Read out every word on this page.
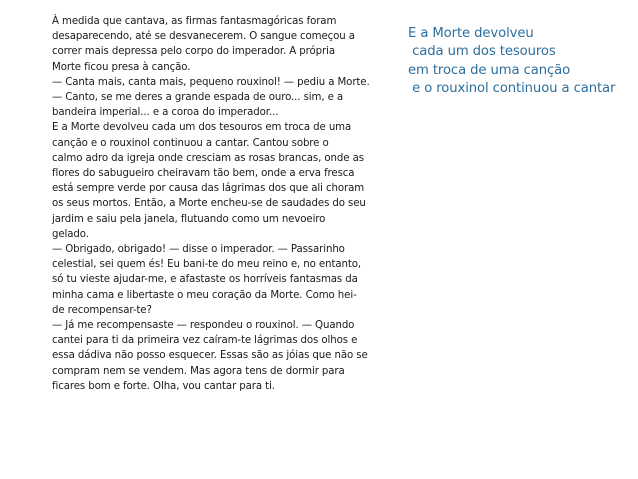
À medida que cantava, as firmas fantasmagóricas foram
desaparecendo, até se desvanecerem. O sangue começou a
correr mais depressa pelo corpo do imperador. A própria
Morte ficou presa à canção.
— Canta mais, canta mais, pequeno rouxinol! — pediu a Morte.
— Canto, se me deres a grande espada de ouro... sim, e a
bandeira imperial... e a coroa do imperador...
E a Morte devolveu cada um dos tesouros em troca de uma
canção e o rouxinol continuou a cantar. Cantou sobre o
calmo adro da igreja onde cresciam as rosas brancas, onde as
flores do sabugueiro cheiravam tão bem, onde a erva fresca
está sempre verde por causa das lágrimas dos que ali choram
os seus mortos. Então, a Morte encheu-se de saudades do seu
jardim e saiu pela janela, flutuando como um nevoeiro
gelado.
— Obrigado, obrigado! — disse o imperador. — Passarinho
celestial, sei quem és! Eu bani-te do meu reino e, no entanto,
só tu vieste ajudar-me, e afastaste os horríveis fantasmas da
minha cama e libertaste o meu coração da Morte. Como hei-
de recompensar-te?
— Já me recompensaste — respondeu o rouxinol. — Quando
cantei para ti da primeira vez caíram-te lágrimas dos olhos e
essa dádiva não posso esquecer. Essas são as jóias que não se
compram nem se vendem. Mas agora tens de dormir para
ficares bom e forte. Olha, vou cantar para ti.
E a Morte devolveu
cada um dos tesouros
em troca de uma canção
e o rouxinol continuou a cantar
